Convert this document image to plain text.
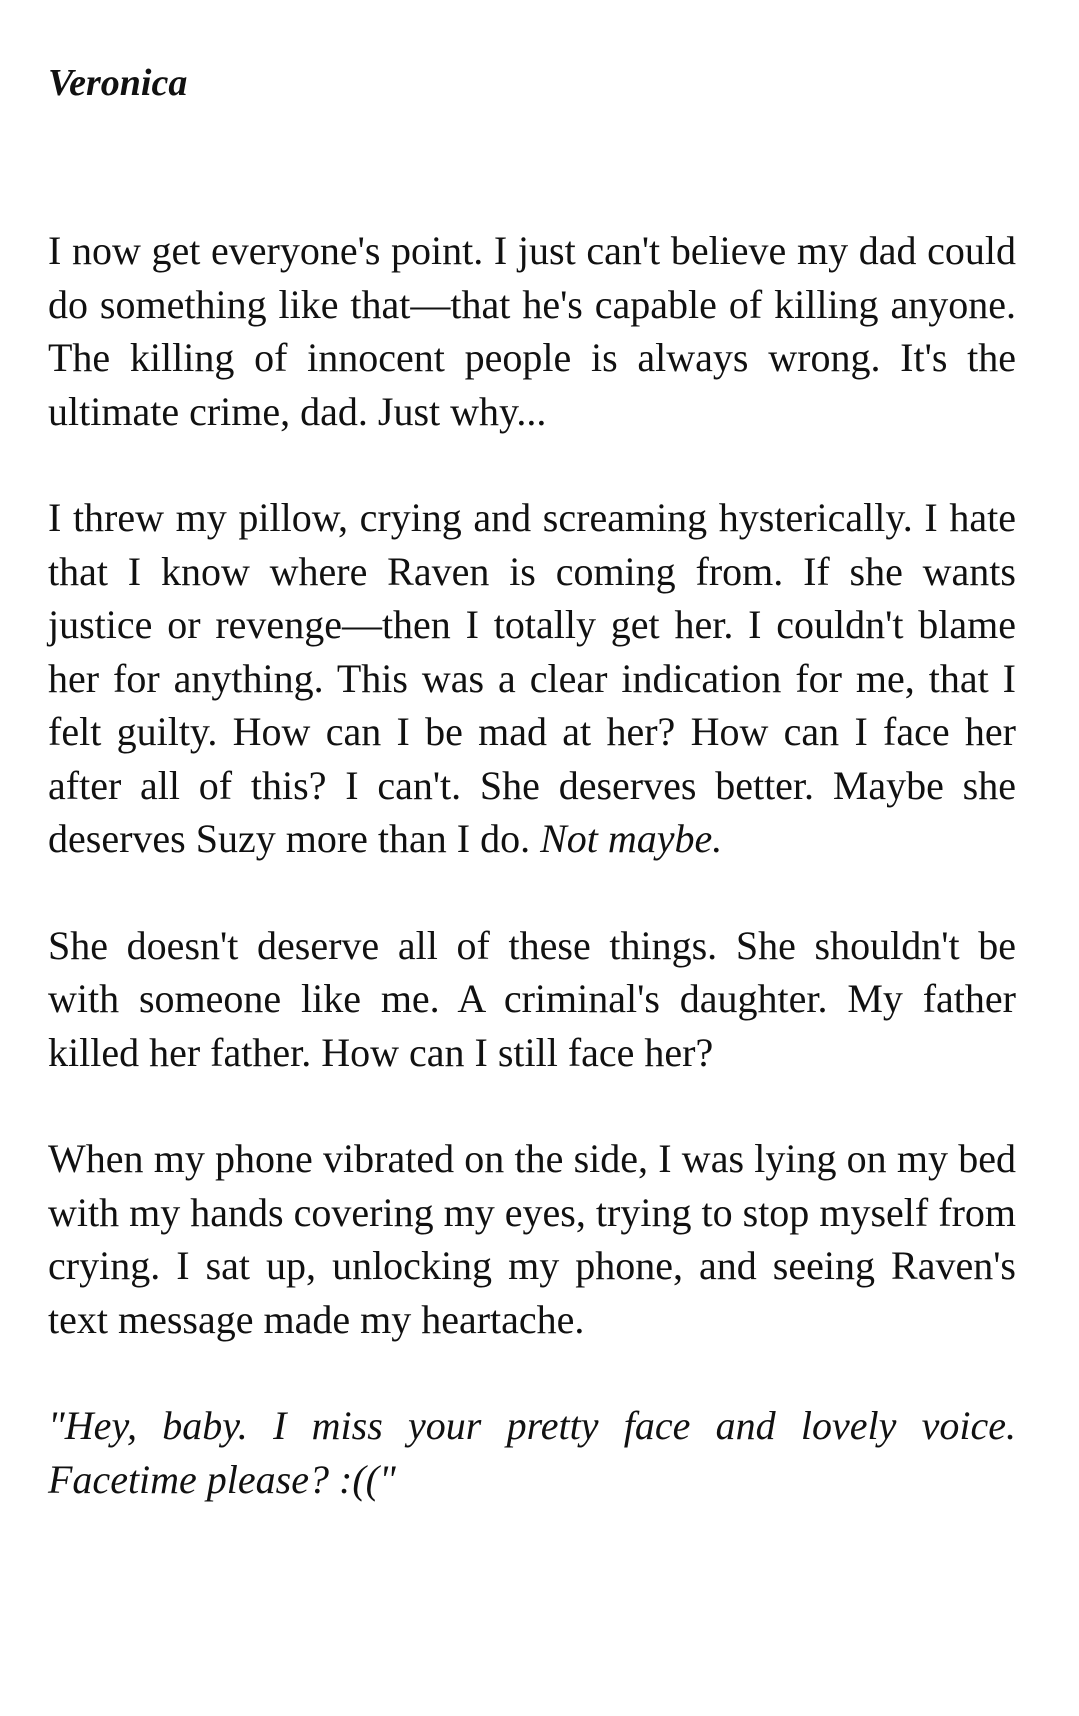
Veronica

I now get everyone's point. I just can't believe my dad could do something like that—that he's capable of killing anyone. The killing of innocent people is always wrong. It's the ultimate crime, dad. Just why...

I threw my pillow, crying and screaming hysterically. I hate that I know where Raven is coming from. If she wants justice or revenge—then I totally get her. I couldn't blame her for anything. This was a clear indication for me, that I felt guilty. How can I be mad at her? How can I face her after all of this? I can't. She deserves better. Maybe she deserves Suzy more than I do. Not maybe.

She doesn't deserve all of these things. She shouldn't be with someone like me. A criminal's daughter. My father killed her father. How can I still face her?

When my phone vibrated on the side, I was lying on my bed with my hands covering my eyes, trying to stop myself from crying. I sat up, unlocking my phone, and seeing Raven's text message made my heartache.

"Hey, baby. I miss your pretty face and lovely voice. Facetime please? :(("
